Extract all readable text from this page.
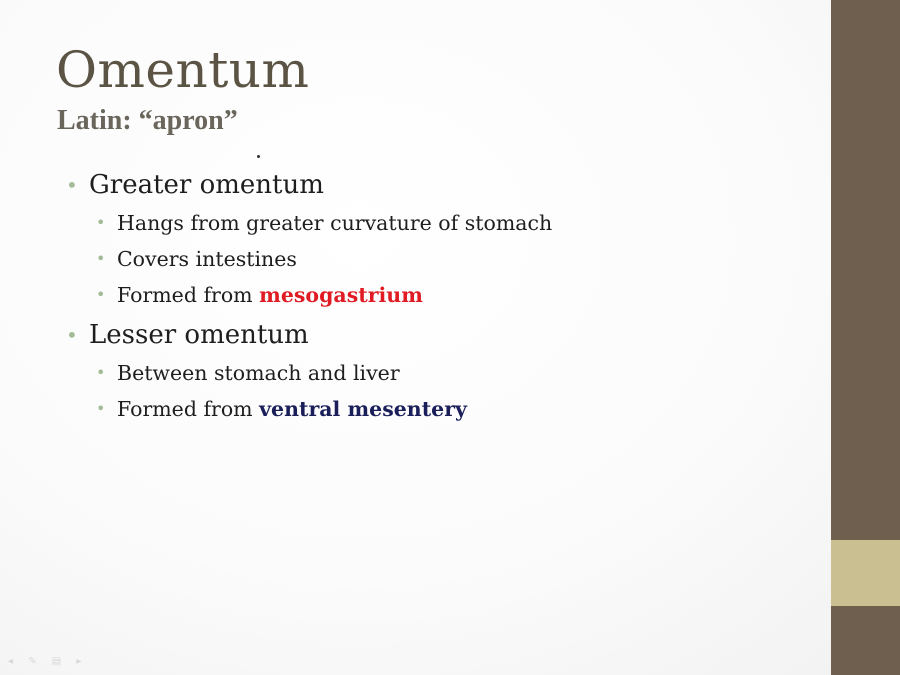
Omentum
Latin: “apron”
• Greater omentum
• Hangs from greater curvature of stomach
• Covers intestines
• Formed from mesogastrium
• Lesser omentum
• Between stomach and liver
• Formed from ventral mesentery
◂ ✎ ▤ ▸
